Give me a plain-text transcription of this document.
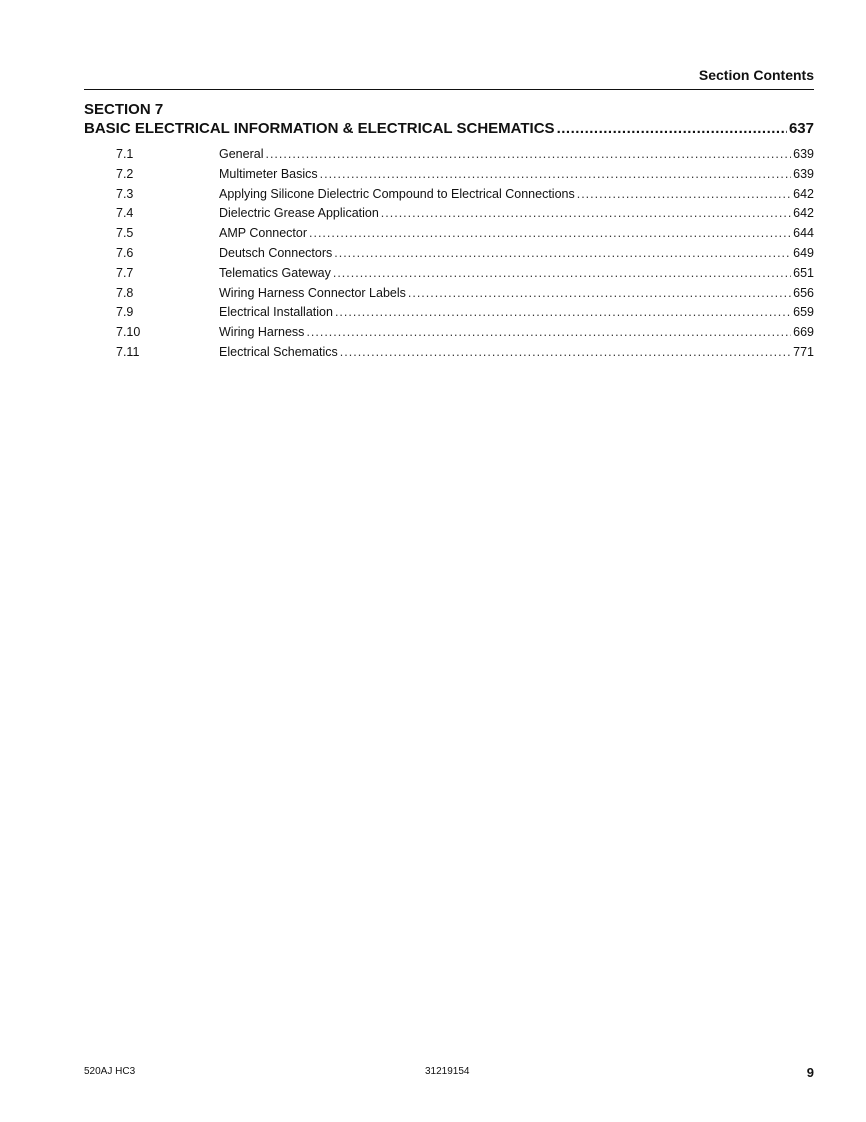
Section Contents
SECTION 7
BASIC ELECTRICAL INFORMATION & ELECTRICAL SCHEMATICS .....	637
7.1	General .....	639
7.2	Multimeter Basics .....	639
7.3	Applying Silicone Dielectric Compound to Electrical Connections .....	642
7.4	Dielectric Grease Application .....	642
7.5	AMP Connector .....	644
7.6	Deutsch Connectors .....	649
7.7	Telematics Gateway .....	651
7.8	Wiring Harness Connector Labels .....	656
7.9	Electrical Installation .....	659
7.10	Wiring Harness .....	669
7.11	Electrical Schematics .....	771
520AJ HC3	31219154	9
